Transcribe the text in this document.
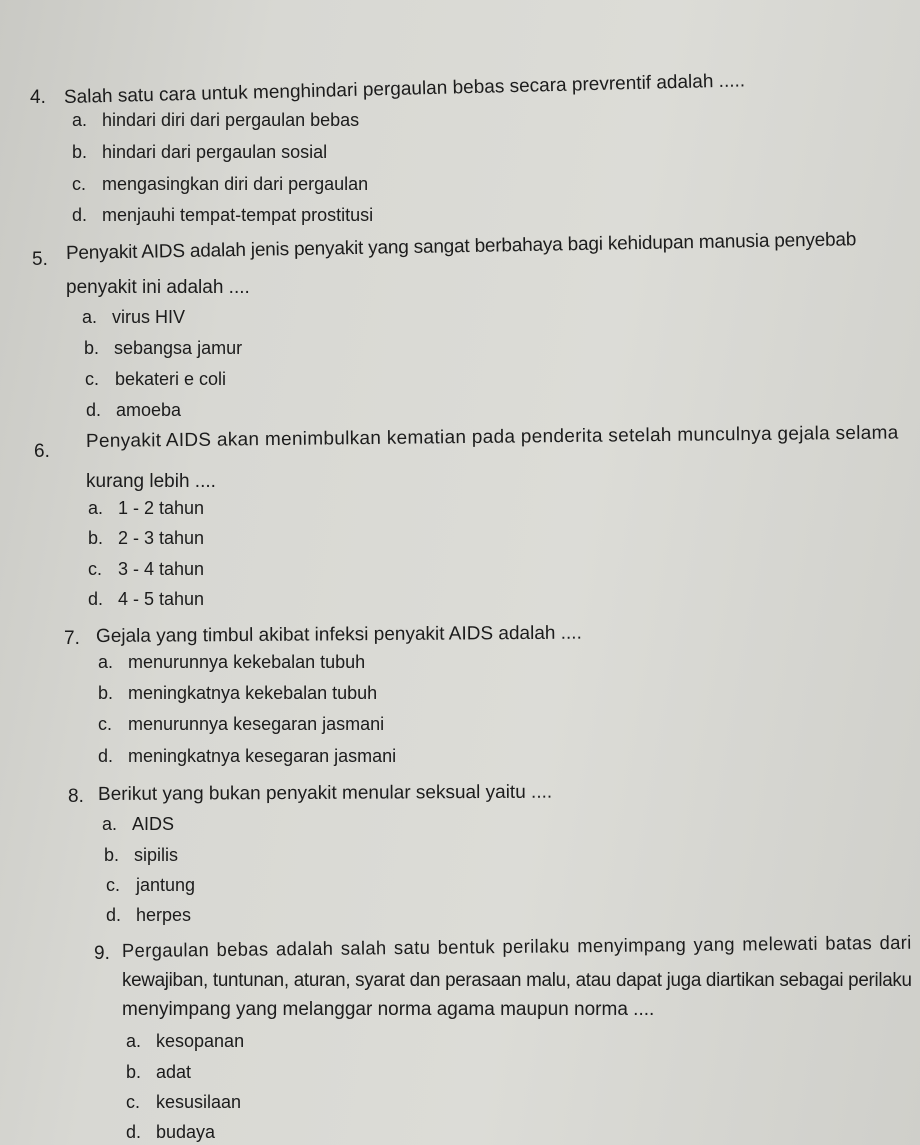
4. Salah satu cara untuk menghindari pergaulan bebas secara prevrentif adalah .....
a. hindari diri dari pergaulan bebas
b. hindari dari pergaulan sosial
c. mengasingkan diri dari pergaulan
d. menjauhi tempat-tempat prostitusi
5. Penyakit AIDS adalah jenis penyakit yang sangat berbahaya bagi kehidupan manusia penyebab
penyakit ini adalah ....
a. virus HIV
b. sebangsa jamur
c. bekateri e coli
d. amoeba
6. Penyakit AIDS akan menimbulkan kematian pada penderita setelah munculnya gejala selama
kurang lebih ....
a. 1 - 2 tahun
b. 2 - 3 tahun
c. 3 - 4 tahun
d. 4 - 5 tahun
7. Gejala yang timbul akibat infeksi penyakit AIDS adalah ....
a. menurunnya kekebalan tubuh
b. meningkatnya kekebalan tubuh
c. menurunnya kesegaran jasmani
d. meningkatnya kesegaran jasmani
8. Berikut yang bukan penyakit menular seksual yaitu ....
a. AIDS
b. sipilis
c. jantung
d. herpes
9. Pergaulan bebas adalah salah satu bentuk perilaku menyimpang yang melewati batas dari
kewajiban, tuntunan, aturan, syarat dan perasaan malu, atau dapat juga diartikan sebagai perilaku
menyimpang yang melanggar norma agama maupun norma ....
a. kesopanan
b. adat
c. kesusilaan
d. budaya
